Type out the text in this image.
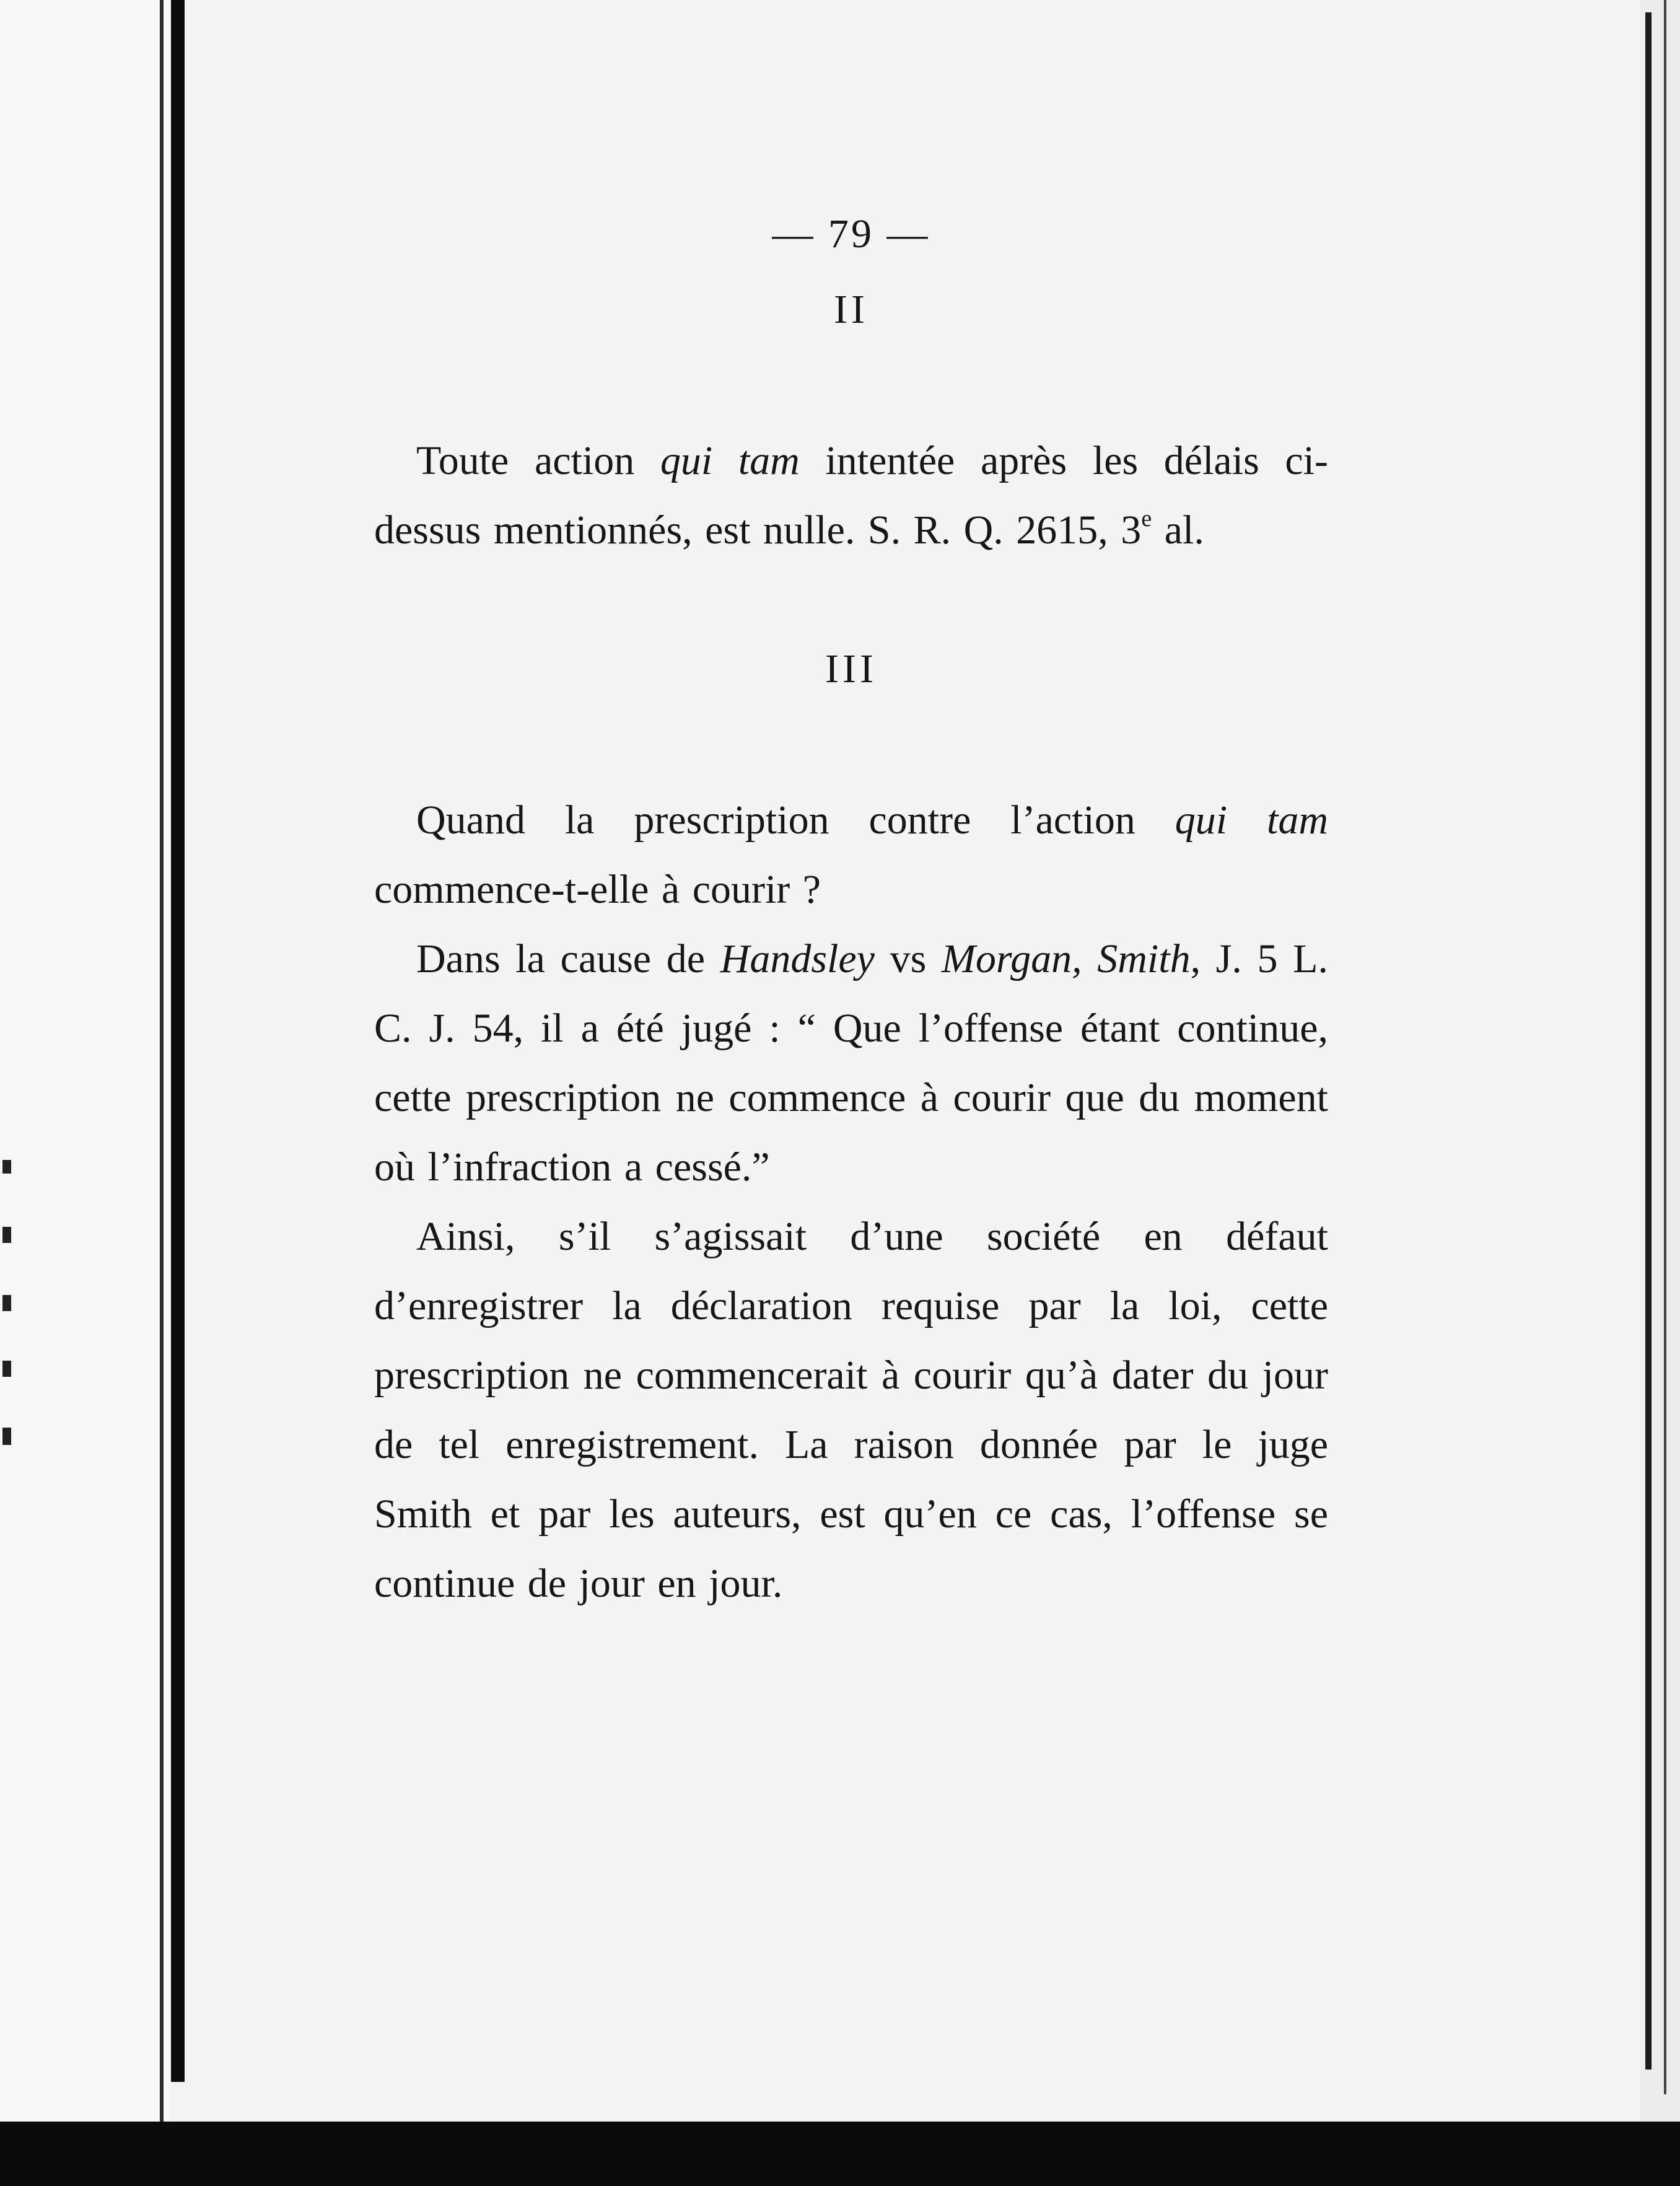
— 79 —
II

Toute action qui tam intentée après les délais ci-dessus mentionnés, est nulle. S. R. Q. 2615, 3e al.

III

Quand la prescription contre l’action qui tam commence-t-elle à courir ?

Dans la cause de Handsley vs Morgan, Smith, J. 5 L. C. J. 54, il a été jugé : “ Que l’offense étant continue, cette prescription ne commence à courir que du moment où l’infraction a cessé.”

Ainsi, s’il s’agissait d’une société en défaut d’enregistrer la déclaration requise par la loi, cette prescription ne commencerait à courir qu’à dater du jour de tel enregistrement. La raison donnée par le juge Smith et par les auteurs, est qu’en ce cas, l’offense se continue de jour en jour.
